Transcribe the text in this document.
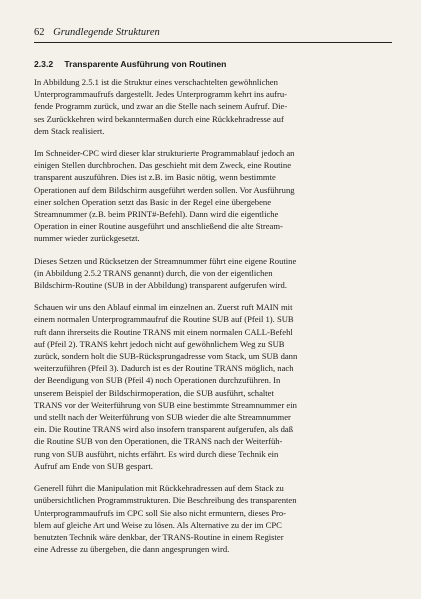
62 Grundlegende Strukturen
2.3.2 Transparente Ausführung von Routinen
In Abbildung 2.5.1 ist die Struktur eines verschachtelten gewöhnlichen
Unterprogrammaufrufs dargestellt. Jedes Unterprogramm kehrt ins aufru-
fende Programm zurück, und zwar an die Stelle nach seinem Aufruf. Die-
ses Zurückkehren wird bekanntermaßen durch eine Rückkehradresse auf
dem Stack realisiert.
Im Schneider-CPC wird dieser klar strukturierte Programmablauf jedoch an
einigen Stellen durchbrochen. Das geschieht mit dem Zweck, eine Routine
transparent auszuführen. Dies ist z.B. im Basic nötig, wenn bestimmte
Operationen auf dem Bildschirm ausgeführt werden sollen. Vor Ausführung
einer solchen Operation setzt das Basic in der Regel eine übergebene
Streamnummer (z.B. beim PRINT#-Befehl). Dann wird die eigentliche
Operation in einer Routine ausgeführt und anschließend die alte Stream-
nummer wieder zurückgesetzt.
Dieses Setzen und Rücksetzen der Streamnummer führt eine eigene Routine
(in Abbildung 2.5.2 TRANS genannt) durch, die von der eigentlichen
Bildschirm-Routine (SUB in der Abbildung) transparent aufgerufen wird.
Schauen wir uns den Ablauf einmal im einzelnen an. Zuerst ruft MAIN mit
einem normalen Unterprogrammaufruf die Routine SUB auf (Pfeil 1). SUB
ruft dann ihrerseits die Routine TRANS mit einem normalen CALL-Befehl
auf (Pfeil 2). TRANS kehrt jedoch nicht auf gewöhnlichem Weg zu SUB
zurück, sondern holt die SUB-Rücksprungadresse vom Stack, um SUB dann
weiterzuführen (Pfeil 3). Dadurch ist es der Routine TRANS möglich, nach
der Beendigung von SUB (Pfeil 4) noch Operationen durchzuführen. In
unserem Beispiel der Bildschirmoperation, die SUB ausführt, schaltet
TRANS vor der Weiterführung von SUB eine bestimmte Streamnummer ein
und stellt nach der Weiterführung von SUB wieder die alte Streamnummer
ein. Die Routine TRANS wird also insofern transparent aufgerufen, als daß
die Routine SUB von den Operationen, die TRANS nach der Weiterfüh-
rung von SUB ausführt, nichts erfährt. Es wird durch diese Technik ein
Aufruf am Ende von SUB gespart.
Generell führt die Manipulation mit Rückkehradressen auf dem Stack zu
unübersichtlichen Programmstrukturen. Die Beschreibung des transparenten
Unterprogrammaufrufs im CPC soll Sie also nicht ermuntern, dieses Pro-
blem auf gleiche Art und Weise zu lösen. Als Alternative zu der im CPC
benutzten Technik wäre denkbar, der TRANS-Routine in einem Register
eine Adresse zu übergeben, die dann angesprungen wird.
